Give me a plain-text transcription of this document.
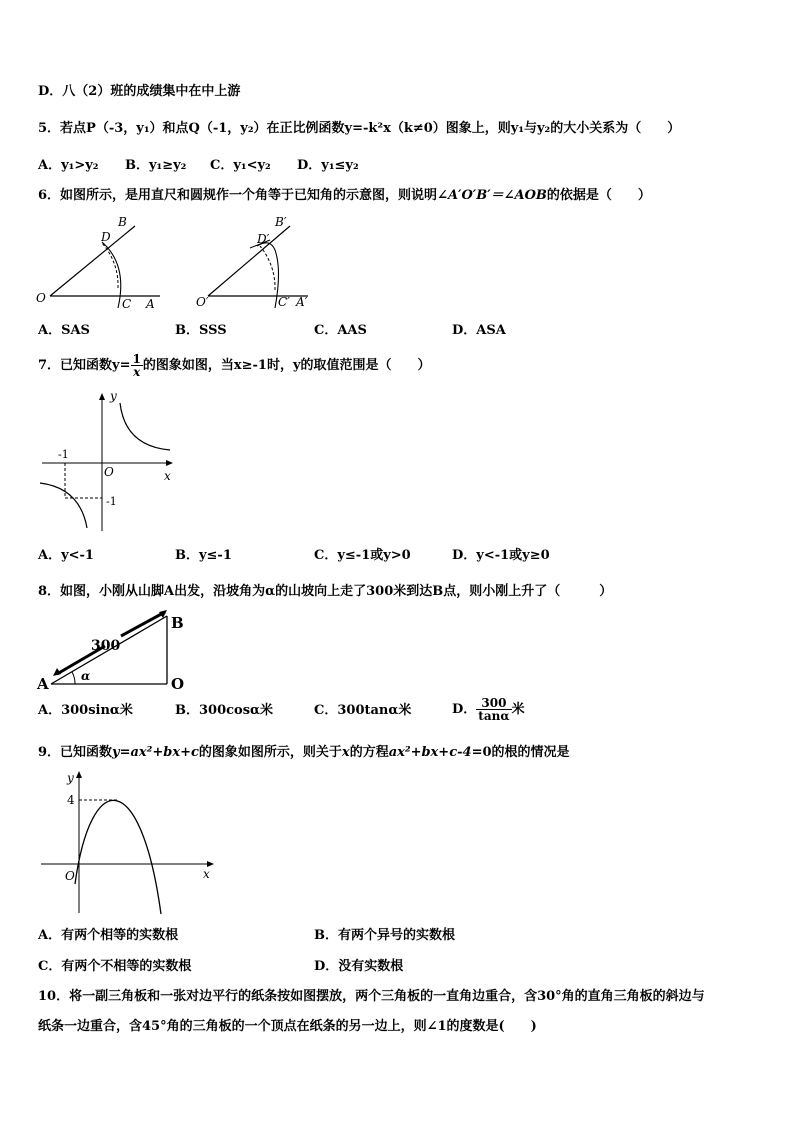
D．八（2）班的成绩集中在中上游
5．若点P（-3，y₁）和点Q（-1，y₂）在正比例函数y=-k²x（k≠0）图象上，则y₁与y₂的大小关系为（　　）
A．y₁>y₂ B．y₁≥y₂ C．y₁<y₂ D．y₁≤y₂
6．如图所示，是用直尺和圆规作一个角等于已知角的示意图，则说明∠A′O′B′＝∠AOB的依据是（　　）
B
D
O	C A
B′
D′
O′	C′ A′
A．SAS	B．SSS	C．AAS	D．ASA
7．已知函数$y= \frac{1}{x}$ 的图象如图，当x≥-1时，y的取值范围是（　　）
y
x
O
-1
-1
A．y<-1	B．y≤-1	C．y≤-1或y>0	D．y<-1或y≥0
8．如图，小刚从山脚A出发，沿坡角为α的山坡向上走了300米到达B点，则小刚上升了（　　　）
A
B
O
300
α
A．300sinα米	B．300cosα米	C．300tanα米	D． $\frac{300}{\tan\alpha}$ 米
9．已知函数y=ax²+bx+c的图象如图所示，则关于x的方程ax²+bx+c-4=0的根的情况是
y
x
O
4
A．有两个相等的实数根	B．有两个异号的实数根
C．有两个不相等的实数根	D．没有实数根
10．将一副三角板和一张对边平行的纸条按如图摆放，两个三角板的一直角边重合，含30°角的直角三角板的斜边与
纸条一边重合，含45°角的三角板的一个顶点在纸条的另一边上，则∠1的度数是(　　)
